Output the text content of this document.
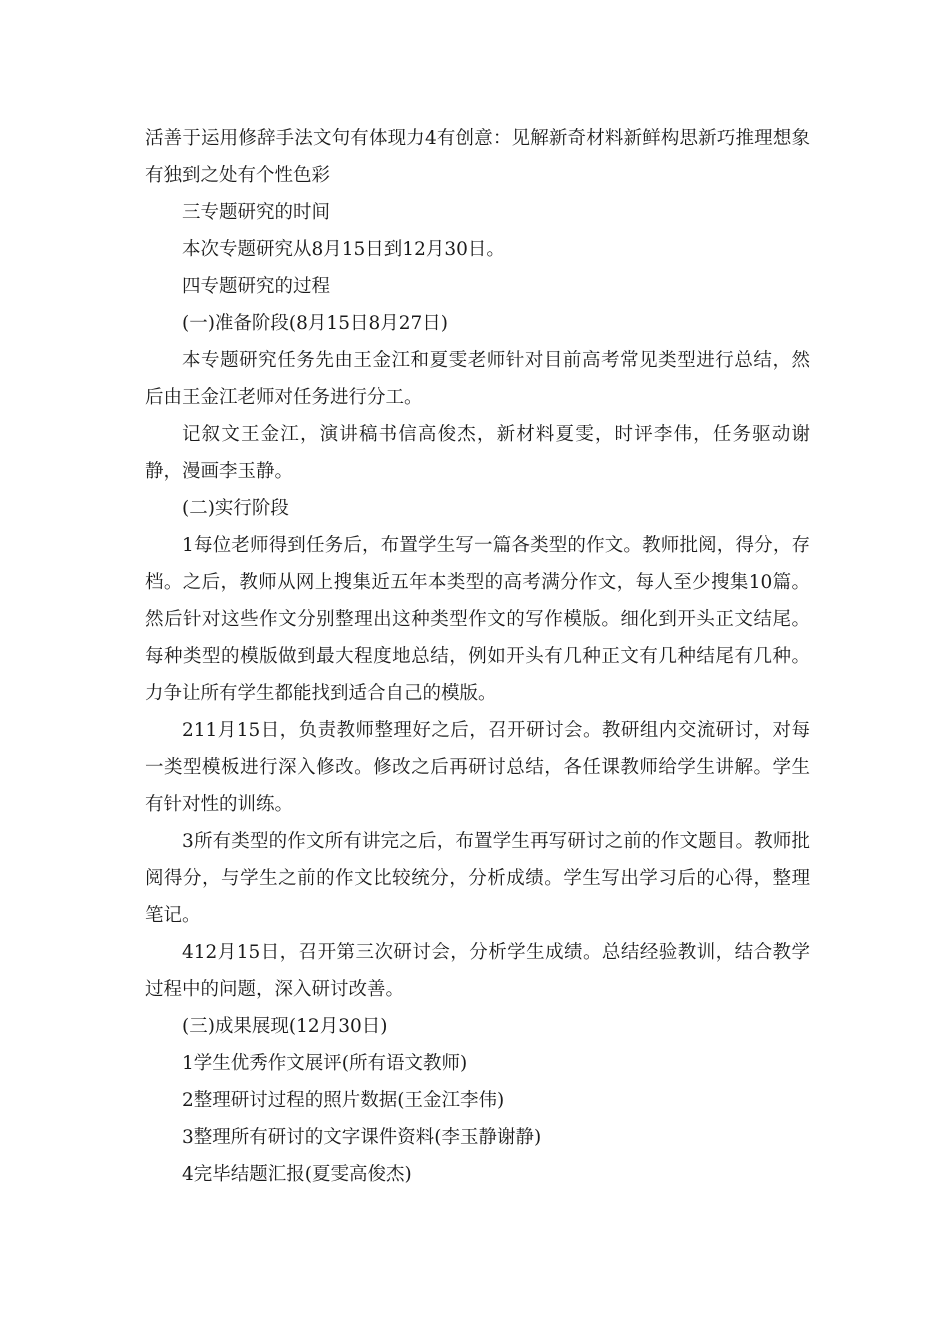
活善于运用修辞手法文句有体现力4有创意：见解新奇材料新鲜构思新巧推理想象有独到之处有个性色彩

三专题研究的时间

本次专题研究从8月15日到12月30日。

四专题研究的过程

(一)准备阶段(8月15日8月27日)

本专题研究任务先由王金江和夏雯老师针对目前高考常见类型进行总结，然后由王金江老师对任务进行分工。

记叙文王金江，演讲稿书信高俊杰，新材料夏雯，时评李伟，任务驱动谢静，漫画李玉静。

(二)实行阶段

1每位老师得到任务后，布置学生写一篇各类型的作文。教师批阅，得分，存档。之后，教师从网上搜集近五年本类型的高考满分作文，每人至少搜集10篇。然后针对这些作文分别整理出这种类型作文的写作模版。细化到开头正文结尾。每种类型的模版做到最大程度地总结，例如开头有几种正文有几种结尾有几种。力争让所有学生都能找到适合自己的模版。

211月15日，负责教师整理好之后，召开研讨会。教研组内交流研讨，对每一类型模板进行深入修改。修改之后再研讨总结，各任课教师给学生讲解。学生有针对性的训练。

3所有类型的作文所有讲完之后，布置学生再写研讨之前的作文题目。教师批阅得分，与学生之前的作文比较统分，分析成绩。学生写出学习后的心得，整理笔记。

412月15日，召开第三次研讨会，分析学生成绩。总结经验教训，结合教学过程中的问题，深入研讨改善。

(三)成果展现(12月30日)

1学生优秀作文展评(所有语文教师)

2整理研讨过程的照片数据(王金江李伟)

3整理所有研讨的文字课件资料(李玉静谢静)

4完毕结题汇报(夏雯高俊杰)
